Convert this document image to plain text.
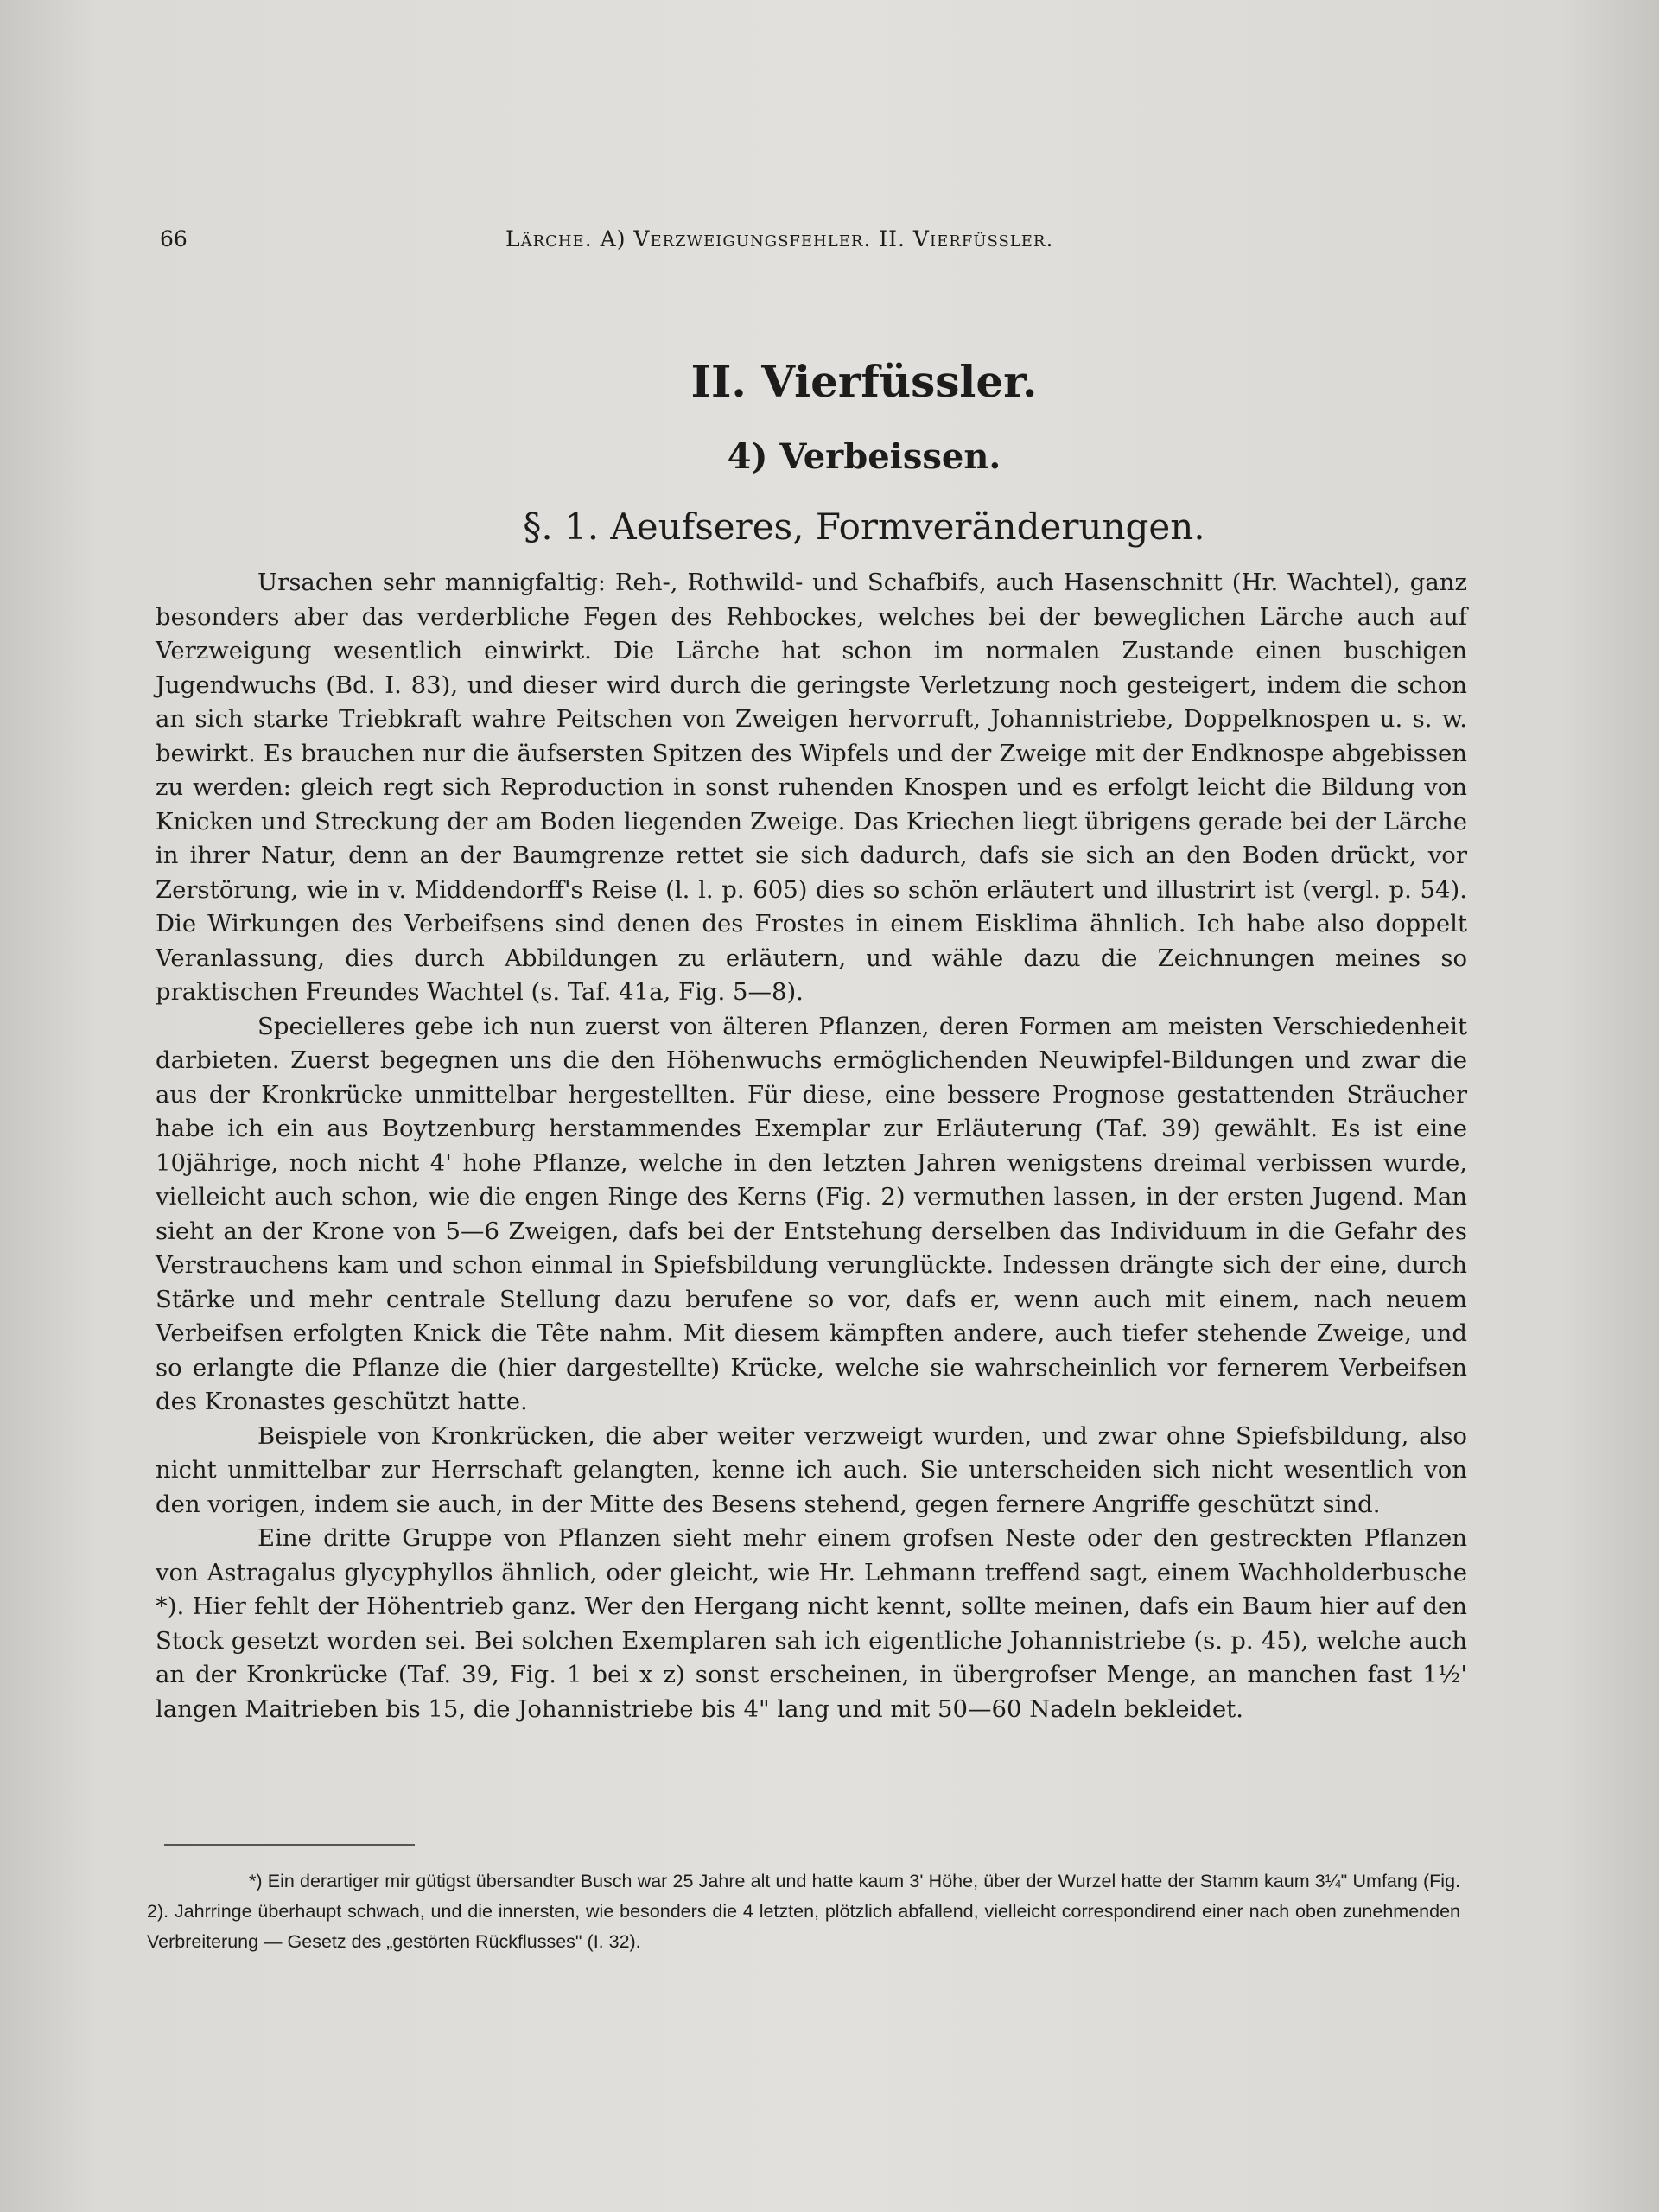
66	Lärche. A) Verzweigungsfehler. II. Vierfüssler.
II. Vierfüssler.
4) Verbeissen.
§. 1. Aeufseres, Formveränderungen.

Ursachen sehr mannigfaltig: Reh-, Rothwild- und Schafbifs, auch Hasenschnitt (Hr. Wachtel), ganz besonders aber das verderbliche Fegen des Rehbockes, welches bei der beweglichen Lärche auch auf Verzweigung wesentlich einwirkt. Die Lärche hat schon im normalen Zustande einen buschigen Jugendwuchs (Bd. I. 83), und dieser wird durch die geringste Verletzung noch gesteigert, indem die schon an sich starke Triebkraft wahre Peitschen von Zweigen hervorruft, Johannistriebe, Doppelknospen u. s. w. bewirkt. Es brauchen nur die äufsersten Spitzen des Wipfels und der Zweige mit der Endknospe abgebissen zu werden: gleich regt sich Reproduction in sonst ruhenden Knospen und es erfolgt leicht die Bildung von Knicken und Streckung der am Boden liegenden Zweige. Das Kriechen liegt übrigens gerade bei der Lärche in ihrer Natur, denn an der Baumgrenze rettet sie sich dadurch, dafs sie sich an den Boden drückt, vor Zerstörung, wie in v. Middendorff's Reise (l. l. p. 605) dies so schön erläutert und illustrirt ist (vergl. p. 54). Die Wirkungen des Verbeifsens sind denen des Frostes in einem Eisklima ähnlich. Ich habe also doppelt Veranlassung, dies durch Abbildungen zu erläutern, und wähle dazu die Zeichnungen meines so praktischen Freundes Wachtel (s. Taf. 41a, Fig. 5—8).

Specielleres gebe ich nun zuerst von älteren Pflanzen, deren Formen am meisten Verschiedenheit darbieten. Zuerst begegnen uns die den Höhenwuchs ermöglichenden Neuwipfel-Bildungen und zwar die aus der Kronkrücke unmittelbar hergestellten. Für diese, eine bessere Prognose gestattenden Sträucher habe ich ein aus Boytzenburg herstammendes Exemplar zur Erläuterung (Taf. 39) gewählt. Es ist eine 10jährige, noch nicht 4' hohe Pflanze, welche in den letzten Jahren wenigstens dreimal verbissen wurde, vielleicht auch schon, wie die engen Ringe des Kerns (Fig. 2) vermuthen lassen, in der ersten Jugend. Man sieht an der Krone von 5—6 Zweigen, dafs bei der Entstehung derselben das Individuum in die Gefahr des Verstrauchens kam und schon einmal in Spiefsbildung verunglückte. Indessen drängte sich der eine, durch Stärke und mehr centrale Stellung dazu berufene so vor, dafs er, wenn auch mit einem, nach neuem Verbeifsen erfolgten Knick die Tête nahm. Mit diesem kämpften andere, auch tiefer stehende Zweige, und so erlangte die Pflanze die (hier dargestellte) Krücke, welche sie wahrscheinlich vor fernerem Verbeifsen des Kronastes geschützt hatte.

Beispiele von Kronkrücken, die aber weiter verzweigt wurden, und zwar ohne Spiefsbildung, also nicht unmittelbar zur Herrschaft gelangten, kenne ich auch. Sie unterscheiden sich nicht wesentlich von den vorigen, indem sie auch, in der Mitte des Besens stehend, gegen fernere Angriffe geschützt sind.

Eine dritte Gruppe von Pflanzen sieht mehr einem grofsen Neste oder den gestreckten Pflanzen von Astragalus glycyphyllos ähnlich, oder gleicht, wie Hr. Lehmann treffend sagt, einem Wachholderbusche *). Hier fehlt der Höhentrieb ganz. Wer den Hergang nicht kennt, sollte meinen, dafs ein Baum hier auf den Stock gesetzt worden sei. Bei solchen Exemplaren sah ich eigentliche Johannistriebe (s. p. 45), welche auch an der Kronkrücke (Taf. 39, Fig. 1 bei x z) sonst erscheinen, in übergrofser Menge, an manchen fast 1½' langen Maitrieben bis 15, die Johannistriebe bis 4" lang und mit 50—60 Nadeln bekleidet.

*) Ein derartiger mir gütigst übersandter Busch war 25 Jahre alt und hatte kaum 3' Höhe, über der Wurzel hatte der Stamm kaum 3¼" Umfang (Fig. 2). Jahrringe überhaupt schwach, und die innersten, wie besonders die 4 letzten, plötzlich abfallend, vielleicht correspondirend einer nach oben zunehmenden Verbreiterung — Gesetz des „gestörten Rückflusses" (I. 32).
